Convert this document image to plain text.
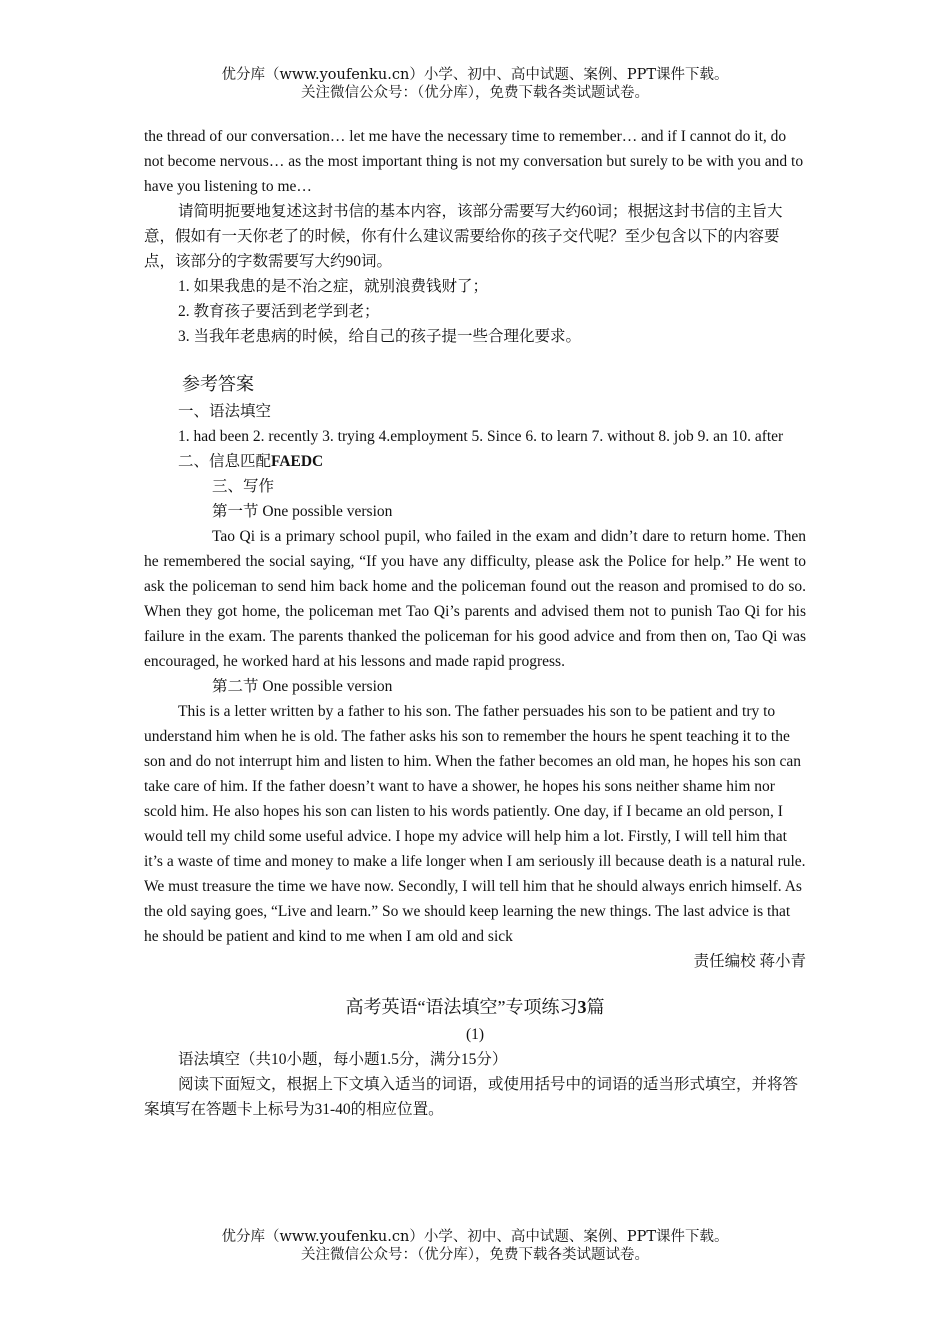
优分库（www.youfenku.cn）小学、初中、高中试题、案例、PPT课件下载。
关注微信公众号：（优分库），免费下载各类试题试卷。

the thread of our conversation… let me have the necessary time to remember… and if I cannot do it, do not become nervous… as the most important thing is not my conversation but surely to be with you and to have you listening to me…

请简明扼要地复述这封书信的基本内容，该部分需要写大约60词；根据这封书信的主旨大意，假如有一天你老了的时候，你有什么建议需要给你的孩子交代呢？至少包含以下的内容要点，该部分的字数需要写大约90词。

1. 如果我患的是不治之症，就别浪费钱财了；

2. 教育孩子要活到老学到老；

3. 当我年老患病的时候，给自己的孩子提一些合理化要求。

参考答案

一、语法填空

1. had been 2. recently 3. trying 4.employment 5. Since 6. to learn 7. without 8. job 9. an 10. after

二、信息匹配FAEDC

三、写作

第一节 One possible version

Tao Qi is a primary school pupil, who failed in the exam and didn’t dare to return home. Then he remembered the social saying, “If you have any difficulty, please ask the Police for help.” He went to ask the policeman to send him back home and the policeman found out the reason and promised to do so. When they got home, the policeman met Tao Qi’s parents and advised them not to punish Tao Qi for his failure in the exam. The parents thanked the policeman for his good advice and from then on, Tao Qi was encouraged, he worked hard at his lessons and made rapid progress.

第二节 One possible version

This is a letter written by a father to his son. The father persuades his son to be patient and try to understand him when he is old. The father asks his son to remember the hours he spent teaching it to the son and do not interrupt him and listen to him. When the father becomes an old man, he hopes his son can take care of him. If the father doesn’t want to have a shower, he hopes his sons neither shame him nor scold him. He also hopes his son can listen to his words patiently. One day, if I became an old person, I would tell my child some useful advice. I hope my advice will help him a lot. Firstly, I will tell him that it’s a waste of time and money to make a life longer when I am seriously ill because death is a natural rule. We must treasure the time we have now. Secondly, I will tell him that he should always enrich himself. As the old saying goes, “Live and learn.” So we should keep learning the new things. The last advice is that he should be patient and kind to me when I am old and sick

责任编校 蒋小青

高考英语“语法填空”专项练习3篇

(1)

语法填空（共10小题，每小题1.5分，满分15分）

阅读下面短文，根据上下文填入适当的词语，或使用括号中的词语的适当形式填空，并将答案填写在答题卡上标号为31-40的相应位置。

优分库（www.youfenku.cn）小学、初中、高中试题、案例、PPT课件下载。
关注微信公众号：（优分库），免费下载各类试题试卷。
